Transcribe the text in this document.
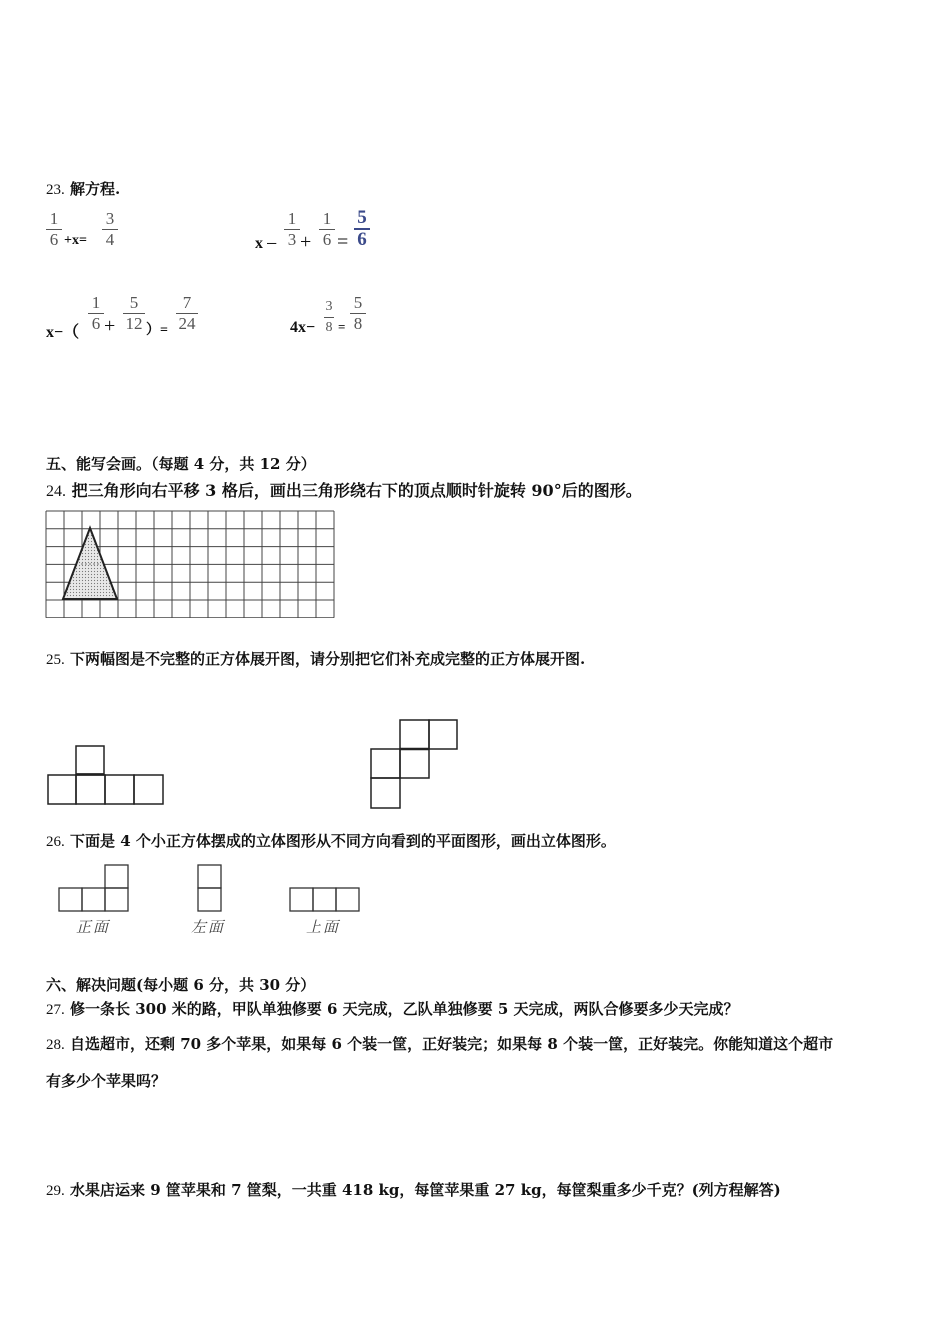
23. 解方程.
1
6 +x=
3
4	x −
1
3 +
1
6 =
5
6
x−（
1
6 +
5
12 ）=
7
24	4x−
3
8 =
5
8
五、能写会画。（每题 4 分，共 12 分）
24. 把三角形向右平移 3 格后，画出三角形绕右下的顶点顺时针旋转 90°后的图形。
25. 下两幅图是不完整的正方体展开图，请分别把它们补充成完整的正方体展开图.
26. 下面是 4 个小正方体摆成的立体图形从不同方向看到的平面图形，画出立体图形。
正面	左面	上面
六、解决问题(每小题 6 分，共 30 分）
27. 修一条长 300 米的路，甲队单独修要 6 天完成，乙队单独修要 5 天完成，两队合修要多少天完成？
28. 自选超市，还剩 70 多个苹果，如果每 6 个装一筐，正好装完；如果每 8 个装一筐，正好装完。你能知道这个超市
有多少个苹果吗？
29. 水果店运来 9 筐苹果和 7 筐梨，一共重 418 kg，每筐苹果重 27 kg，每筐梨重多少千克？(列方程解答)
